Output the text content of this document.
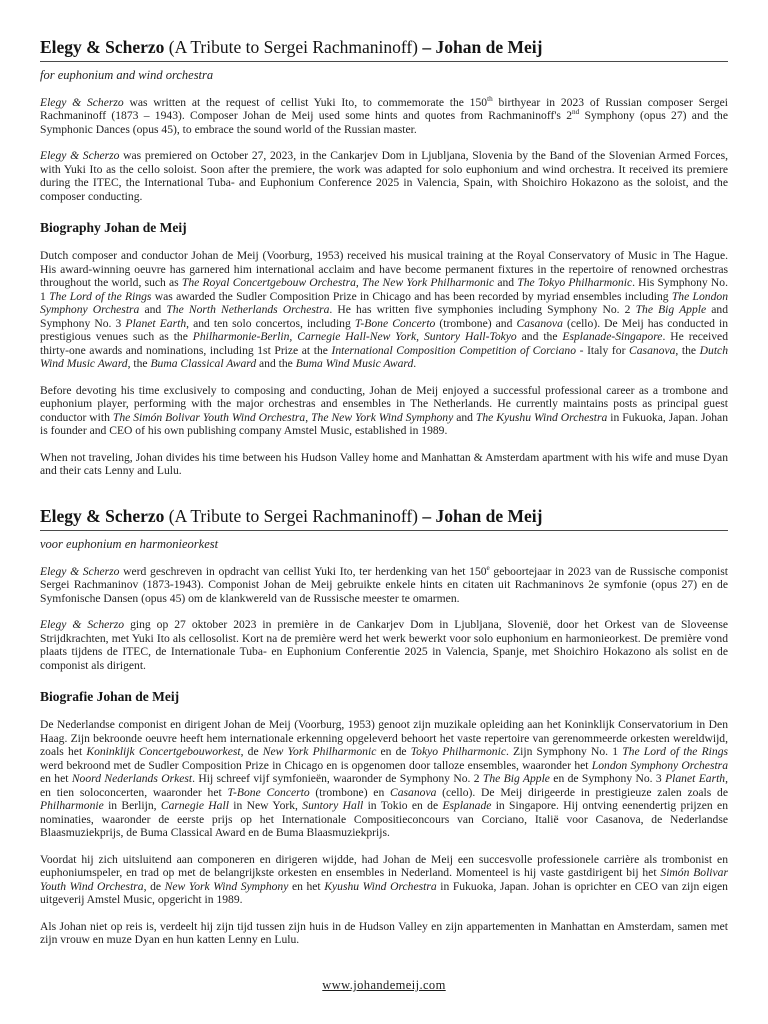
Elegy & Scherzo (A Tribute to Sergei Rachmaninoff) – Johan de Meij
for euphonium and wind orchestra

Elegy & Scherzo was written at the request of cellist Yuki Ito, to commemorate the 150th birthyear in 2023 of Russian composer Sergei Rachmaninoff (1873 – 1943). Composer Johan de Meij used some hints and quotes from Rachmaninoff's 2nd Symphony (opus 27) and the Symphonic Dances (opus 45), to embrace the sound world of the Russian master.

Elegy & Scherzo was premiered on October 27, 2023, in the Cankarjev Dom in Ljubljana, Slovenia by the Band of the Slovenian Armed Forces, with Yuki Ito as the cello soloist. Soon after the premiere, the work was adapted for solo euphonium and wind orchestra. It received its premiere during the ITEC, the International Tuba- and Euphonium Conference 2025 in Valencia, Spain, with Shoichiro Hokazono as the soloist, and the composer conducting.

Biography Johan de Meij

Dutch composer and conductor Johan de Meij (Voorburg, 1953) received his musical training at the Royal Conservatory of Music in The Hague. His award-winning oeuvre has garnered him international acclaim and have become permanent fixtures in the repertoire of renowned orchestras throughout the world, such as The Royal Concertgebouw Orchestra, The New York Philharmonic and The Tokyo Philharmonic. His Symphony No. 1 The Lord of the Rings was awarded the Sudler Composition Prize in Chicago and has been recorded by myriad ensembles including The London Symphony Orchestra and The North Netherlands Orchestra. He has written five symphonies including Symphony No. 2 The Big Apple and Symphony No. 3 Planet Earth, and ten solo concertos, including T-Bone Concerto (trombone) and Casanova (cello). De Meij has conducted in prestigious venues such as the Philharmonie-Berlin, Carnegie Hall-New York, Suntory Hall-Tokyo and the Esplanade-Singapore. He received thirty-one awards and nominations, including 1st Prize at the International Composition Competition of Corciano - Italy for Casanova, the Dutch Wind Music Award, the Buma Classical Award and the Buma Wind Music Award.

Before devoting his time exclusively to composing and conducting, Johan de Meij enjoyed a successful professional career as a trombone and euphonium player, performing with the major orchestras and ensembles in The Netherlands. He currently maintains posts as principal guest conductor with The Simón Bolivar Youth Wind Orchestra, The New York Wind Symphony and The Kyushu Wind Orchestra in Fukuoka, Japan. Johan is founder and CEO of his own publishing company Amstel Music, established in 1989.

When not traveling, Johan divides his time between his Hudson Valley home and Manhattan & Amsterdam apartment with his wife and muse Dyan and their cats Lenny and Lulu.

Elegy & Scherzo (A Tribute to Sergei Rachmaninoff) – Johan de Meij
voor euphonium en harmonieorkest

Elegy & Scherzo werd geschreven in opdracht van cellist Yuki Ito, ter herdenking van het 150e geboortejaar in 2023 van de Russische componist Sergei Rachmaninov (1873-1943). Componist Johan de Meij gebruikte enkele hints en citaten uit Rachmaninovs 2e symfonie (opus 27) en de Symfonische Dansen (opus 45) om de klankwereld van de Russische meester te omarmen.

Elegy & Scherzo ging op 27 oktober 2023 in première in de Cankarjev Dom in Ljubljana, Slovenië, door het Orkest van de Sloveense Strijdkrachten, met Yuki Ito als cellosolist. Kort na de première werd het werk bewerkt voor solo euphonium en harmonieorkest. De première vond plaats tijdens de ITEC, de Internationale Tuba- en Euphonium Conferentie 2025 in Valencia, Spanje, met Shoichiro Hokazono als solist en de componist als dirigent.

Biografie Johan de Meij

De Nederlandse componist en dirigent Johan de Meij (Voorburg, 1953) genoot zijn muzikale opleiding aan het Koninklijk Conservatorium in Den Haag. Zijn bekroonde oeuvre heeft hem internationale erkenning opgeleverd behoort het vaste repertoire van gerenommeerde orkesten wereldwijd, zoals het Koninklijk Concertgebouworkest, de New York Philharmonic en de Tokyo Philharmonic. Zijn Symphony No. 1 The Lord of the Rings werd bekroond met de Sudler Composition Prize in Chicago en is opgenomen door talloze ensembles, waaronder het London Symphony Orchestra en het Noord Nederlands Orkest. Hij schreef vijf symfonieën, waaronder de Symphony No. 2 The Big Apple en de Symphony No. 3 Planet Earth, en tien soloconcerten, waaronder het T-Bone Concerto (trombone) en Casanova (cello). De Meij dirigeerde in prestigieuze zalen zoals de Philharmonie in Berlijn, Carnegie Hall in New York, Suntory Hall in Tokio en de Esplanade in Singapore. Hij ontving eenendertig prijzen en nominaties, waaronder de eerste prijs op het Internationale Compositieconcours van Corciano, Italië voor Casanova, de Nederlandse Blaasmuziekprijs, de Buma Classical Award en de Buma Blaasmuziekprijs.

Voordat hij zich uitsluitend aan componeren en dirigeren wijdde, had Johan de Meij een succesvolle professionele carrière als trombonist en euphoniumspeler, en trad op met de belangrijkste orkesten en ensembles in Nederland. Momenteel is hij vaste gastdirigent bij het Simón Bolivar Youth Wind Orchestra, de New York Wind Symphony en het Kyushu Wind Orchestra in Fukuoka, Japan. Johan is oprichter en CEO van zijn eigen uitgeverij Amstel Music, opgericht in 1989.

Als Johan niet op reis is, verdeelt hij zijn tijd tussen zijn huis in de Hudson Valley en zijn appartementen in Manhattan en Amsterdam, samen met zijn vrouw en muze Dyan en hun katten Lenny en Lulu.

www.johandemeij.com
